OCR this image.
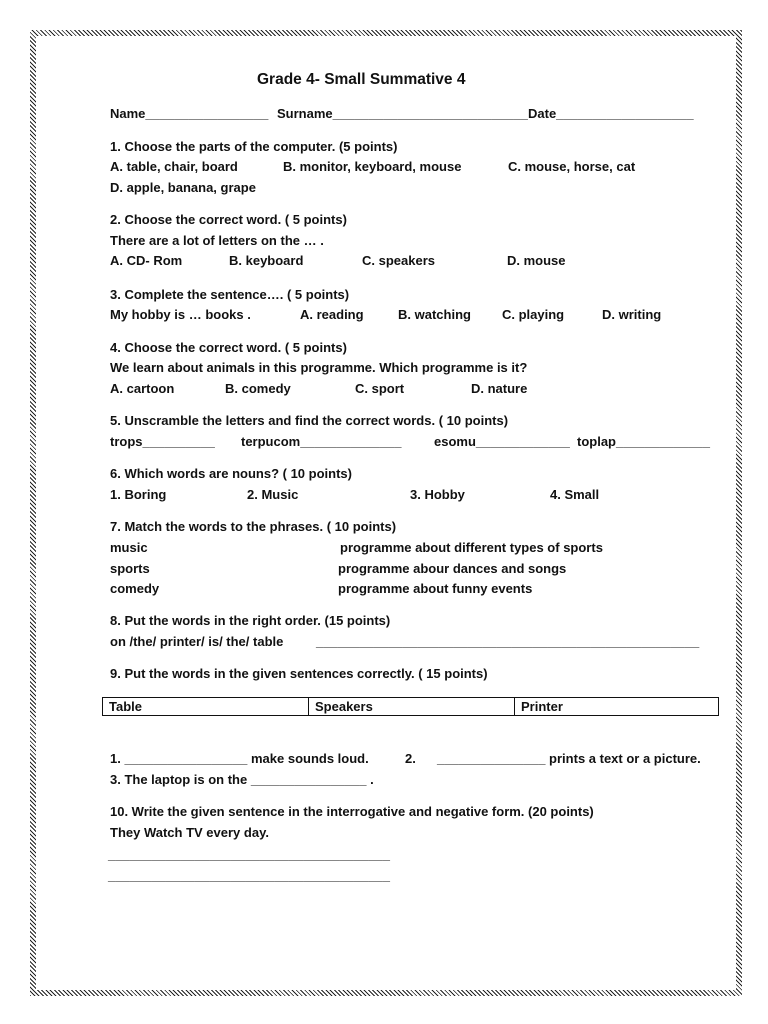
Grade 4- Small Summative 4
Name_________________ Surname___________________________ Date___________________
1. Choose the parts of the computer. (5 points)
A. table, chair, board	B. monitor, keyboard, mouse	C. mouse, horse, cat
D. apple, banana, grape
2. Choose the correct word. ( 5 points)
There are a lot of letters on the … .
A. CD- Rom	B. keyboard	C. speakers	D. mouse
3. Complete the sentence…. ( 5 points)
My hobby is … books .	A. reading	B. watching C. playing	D. writing
4. Choose the correct word. ( 5 points)
We learn about animals in this programme. Which programme is it?
A. cartoon	B. comedy	C. sport	D. nature
5. Unscramble the letters and find the correct words. ( 10 points)
trops__________ terpucom______________	esomu_____________ toplap_____________
6. Which words are nouns? ( 10 points)
1. Boring	2. Music	3. Hobby	4. Small
7. Match the words to the phrases. ( 10 points)
music	programme about different types of sports
sports	programme abour dances and songs
comedy	programme about funny events
8. Put the words in the right order. (15 points)
on /the/ printer/ is/ the/ table	_____________________________________________________
9. Put the words in the given sentences correctly. ( 15 points)
Table	Speakers	Printer
1. _________________ make sounds loud.	2. _______________ prints a text or a picture.
3. The laptop is on the ________________ .
10. Write the given sentence in the interrogative and negative form. (20 points)
They Watch TV every day.
_______________________________________
_______________________________________
